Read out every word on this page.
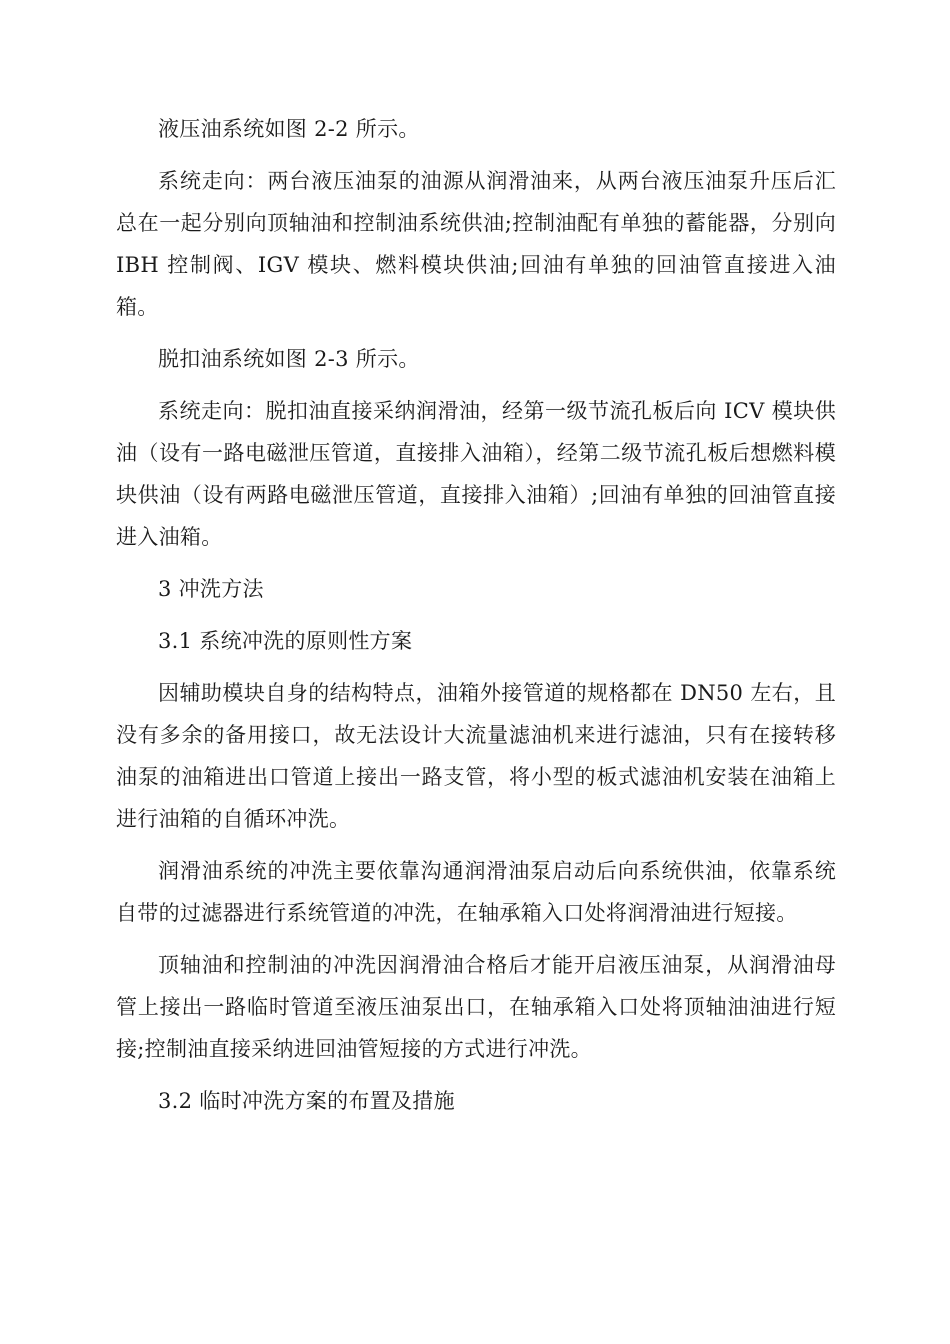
液压油系统如图 2-2 所示。

系统走向：两台液压油泵的油源从润滑油来，从两台液压油泵升压后汇总在一起分别向顶轴油和控制油系统供油;控制油配有单独的蓄能器，分别向 IBH 控制阀、IGV 模块、燃料模块供油;回油有单独的回油管直接进入油箱。

脱扣油系统如图 2-3 所示。

系统走向：脱扣油直接采纳润滑油，经第一级节流孔板后向 ICV 模块供油（设有一路电磁泄压管道，直接排入油箱），经第二级节流孔板后想燃料模块供油（设有两路电磁泄压管道，直接排入油箱）;回油有单独的回油管直接进入油箱。

3 冲洗方法

3.1 系统冲洗的原则性方案

因辅助模块自身的结构特点，油箱外接管道的规格都在 DN50 左右，且没有多余的备用接口，故无法设计大流量滤油机来进行滤油，只有在接转移油泵的油箱进出口管道上接出一路支管，将小型的板式滤油机安装在油箱上进行油箱的自循环冲洗。

润滑油系统的冲洗主要依靠沟通润滑油泵启动后向系统供油，依靠系统自带的过滤器进行系统管道的冲洗，在轴承箱入口处将润滑油进行短接。

顶轴油和控制油的冲洗因润滑油合格后才能开启液压油泵，从润滑油母管上接出一路临时管道至液压油泵出口，在轴承箱入口处将顶轴油油进行短接;控制油直接采纳进回油管短接的方式进行冲洗。

3.2 临时冲洗方案的布置及措施
